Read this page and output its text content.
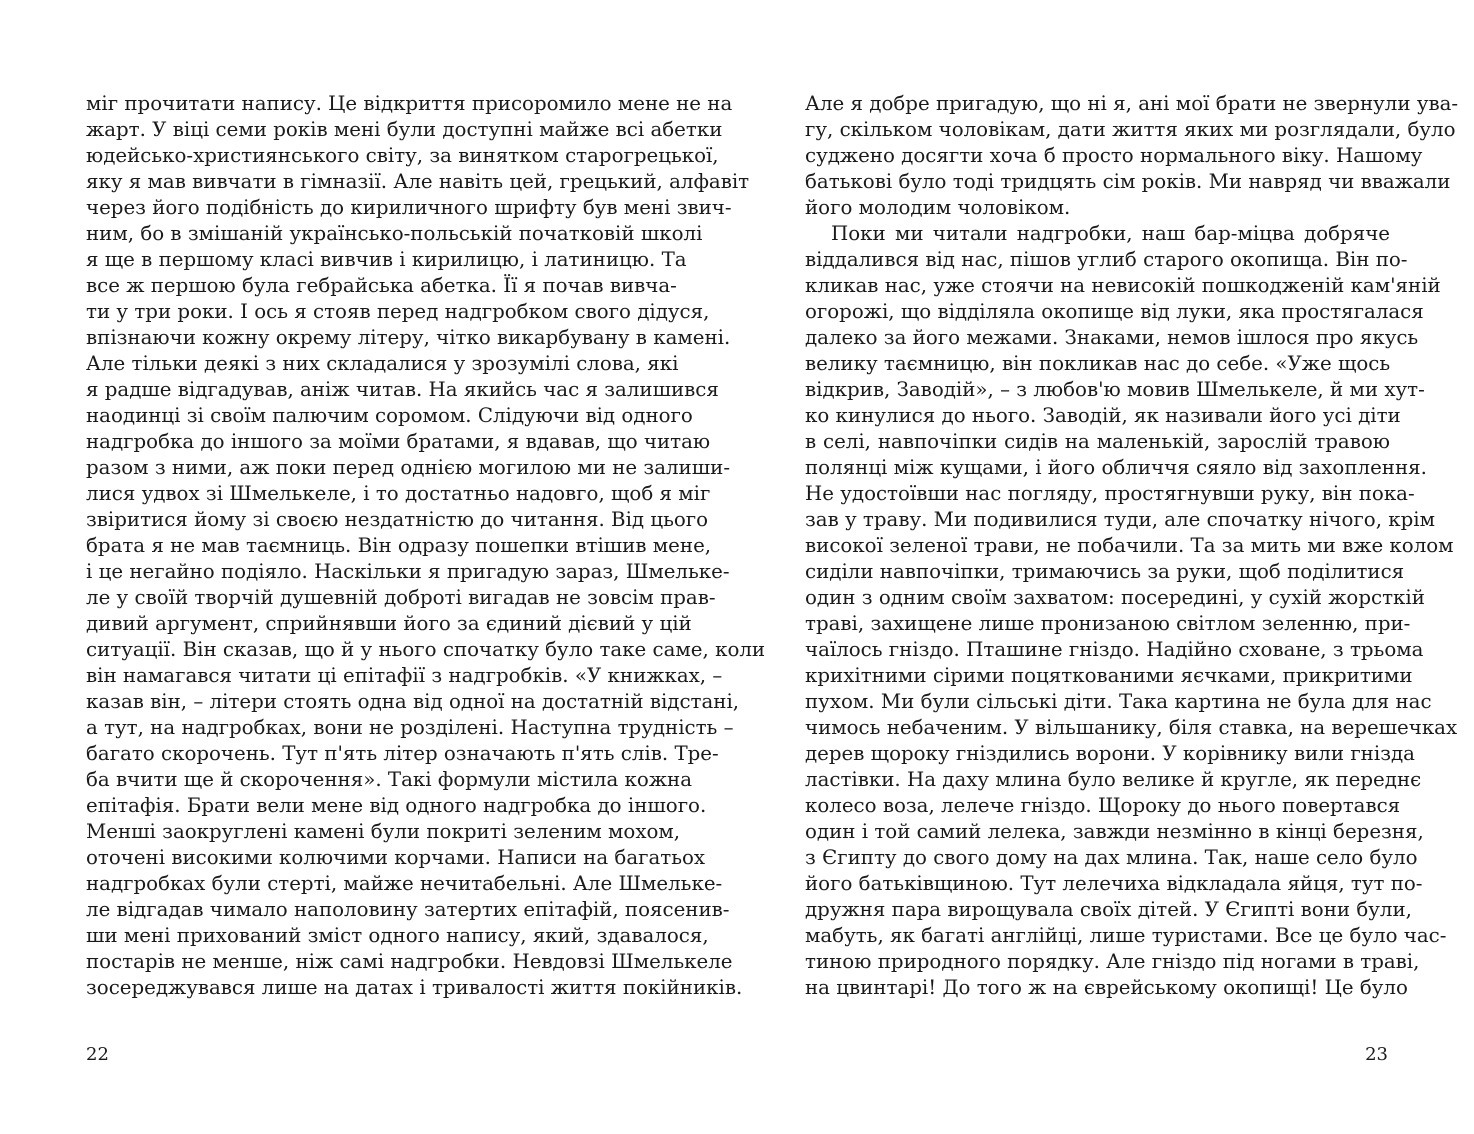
міг прочитати напису. Це відкриття присоромило мене не на
жарт. У віці семи років мені були доступні майже всі абетки
юдейсько-християнського світу, за винятком старогрецької,
яку я мав вивчати в гімназії. Але навіть цей, грецький, алфавіт
через його подібність до кириличного шрифту був мені звич-
ним, бо в змішаній українсько-польській початковій школі
я ще в першому класі вивчив і кирилицю, і латиницю. Та
все ж першою була гебрайська абетка. Її я почав вивча-
ти у три роки. І ось я стояв перед надгробком свого дідуся,
впізнаючи кожну окрему літеру, чітко викарбувану в камені.
Але тільки деякі з них складалися у зрозумілі слова, які
я радше відгадував, аніж читав. На якийсь час я залишився
наодинці зі своїм палючим соромом. Слідуючи від одного
надгробка до іншого за моїми братами, я вдавав, що читаю
разом з ними, аж поки перед однією могилою ми не залиши-
лися удвох зі Шмелькеле, і то достатньо надовго, щоб я міг
звіритися йому зі своєю нездатністю до читання. Від цього
брата я не мав таємниць. Він одразу пошепки втішив мене,
і це негайно подіяло. Наскільки я пригадую зараз, Шмельке-
ле у своїй творчій душевній доброті вигадав не зовсім прав-
дивий аргумент, сприйнявши його за єдиний дієвий у цій
ситуації. Він сказав, що й у нього спочатку було таке саме, коли
він намагався читати ці епітафії з надгробків. «У книжках, –
казав він, – літери стоять одна від одної на достатній відстані,
а тут, на надгробках, вони не розділені. Наступна трудність –
багато скорочень. Тут п'ять літер означають п'ять слів. Тре-
ба вчити ще й скорочення». Такі формули містила кожна
епітафія. Брати вели мене від одного надгробка до іншого.
Менші заокруглені камені були покриті зеленим мохом,
оточені високими колючими корчами. Написи на багатьох
надгробках були стерті, майже нечитабельні. Але Шмельке-
ле відгадав чимало наполовину затертих епітафій, поясенив-
ши мені прихований зміст одного напису, який, здавалося,
постарів не менше, ніж самі надгробки. Невдовзі Шмелькеле
зосереджувався лише на датах і тривалості життя покійників.
22
Але я добре пригадую, що ні я, ані мої брати не звернули ува-
гу, скільком чоловікам, дати життя яких ми розглядали, було
суджено досягти хоча б просто нормального віку. Нашому
батькові було тоді тридцять сім років. Ми навряд чи вважали
його молодим чоловіком.
Поки ми читали надгробки, наш бар-міцва добряче
віддалився від нас, пішов углиб старого окопища. Він по-
кликав нас, уже стоячи на невисокій пошкодженій кам'яній
огорожі, що відділяла окопище від луки, яка простягалася
далеко за його межами. Знаками, немов ішлося про якусь
велику таємницю, він покликав нас до себе. «Уже щось
відкрив, Заводій», – з любов'ю мовив Шмелькеле, й ми хут-
ко кинулися до нього. Заводій, як називали його усі діти
в селі, навпочіпки сидів на маленькій, зарослій травою
полянці між кущами, і його обличчя сяяло від захоплення.
Не удостоївши нас погляду, простягнувши руку, він пока-
зав у траву. Ми подивилися туди, але спочатку нічого, крім
високої зеленої трави, не побачили. Та за мить ми вже колом
сиділи навпочіпки, тримаючись за руки, щоб поділитися
один з одним своїм захватом: посередині, у сухій жорсткій
траві, захищене лише пронизаною світлом зеленню, при-
чаїлось гніздо. Пташине гніздо. Надійно сховане, з трьома
крихітними сірими поцяткованими яєчками, прикритими
пухом. Ми були сільські діти. Така картина не була для нас
чимось небаченим. У вільшанику, біля ставка, на верешечках
дерев щороку гніздились ворони. У корівнику вили гнізда
ластівки. На даху млина було велике й кругле, як переднє
колесо воза, лелече гніздо. Щороку до нього повертався
один і той самий лелека, завжди незмінно в кінці березня,
з Єгипту до свого дому на дах млина. Так, наше село було
його батьківщиною. Тут лелечиха відкладала яйця, тут по-
дружня пара вирощувала своїх дітей. У Єгипті вони були,
мабуть, як багаті англійці, лише туристами. Все це було час-
тиною природного порядку. Але гніздо під ногами в траві,
на цвинтарі! До того ж на єврейському окопищі! Це було
23
